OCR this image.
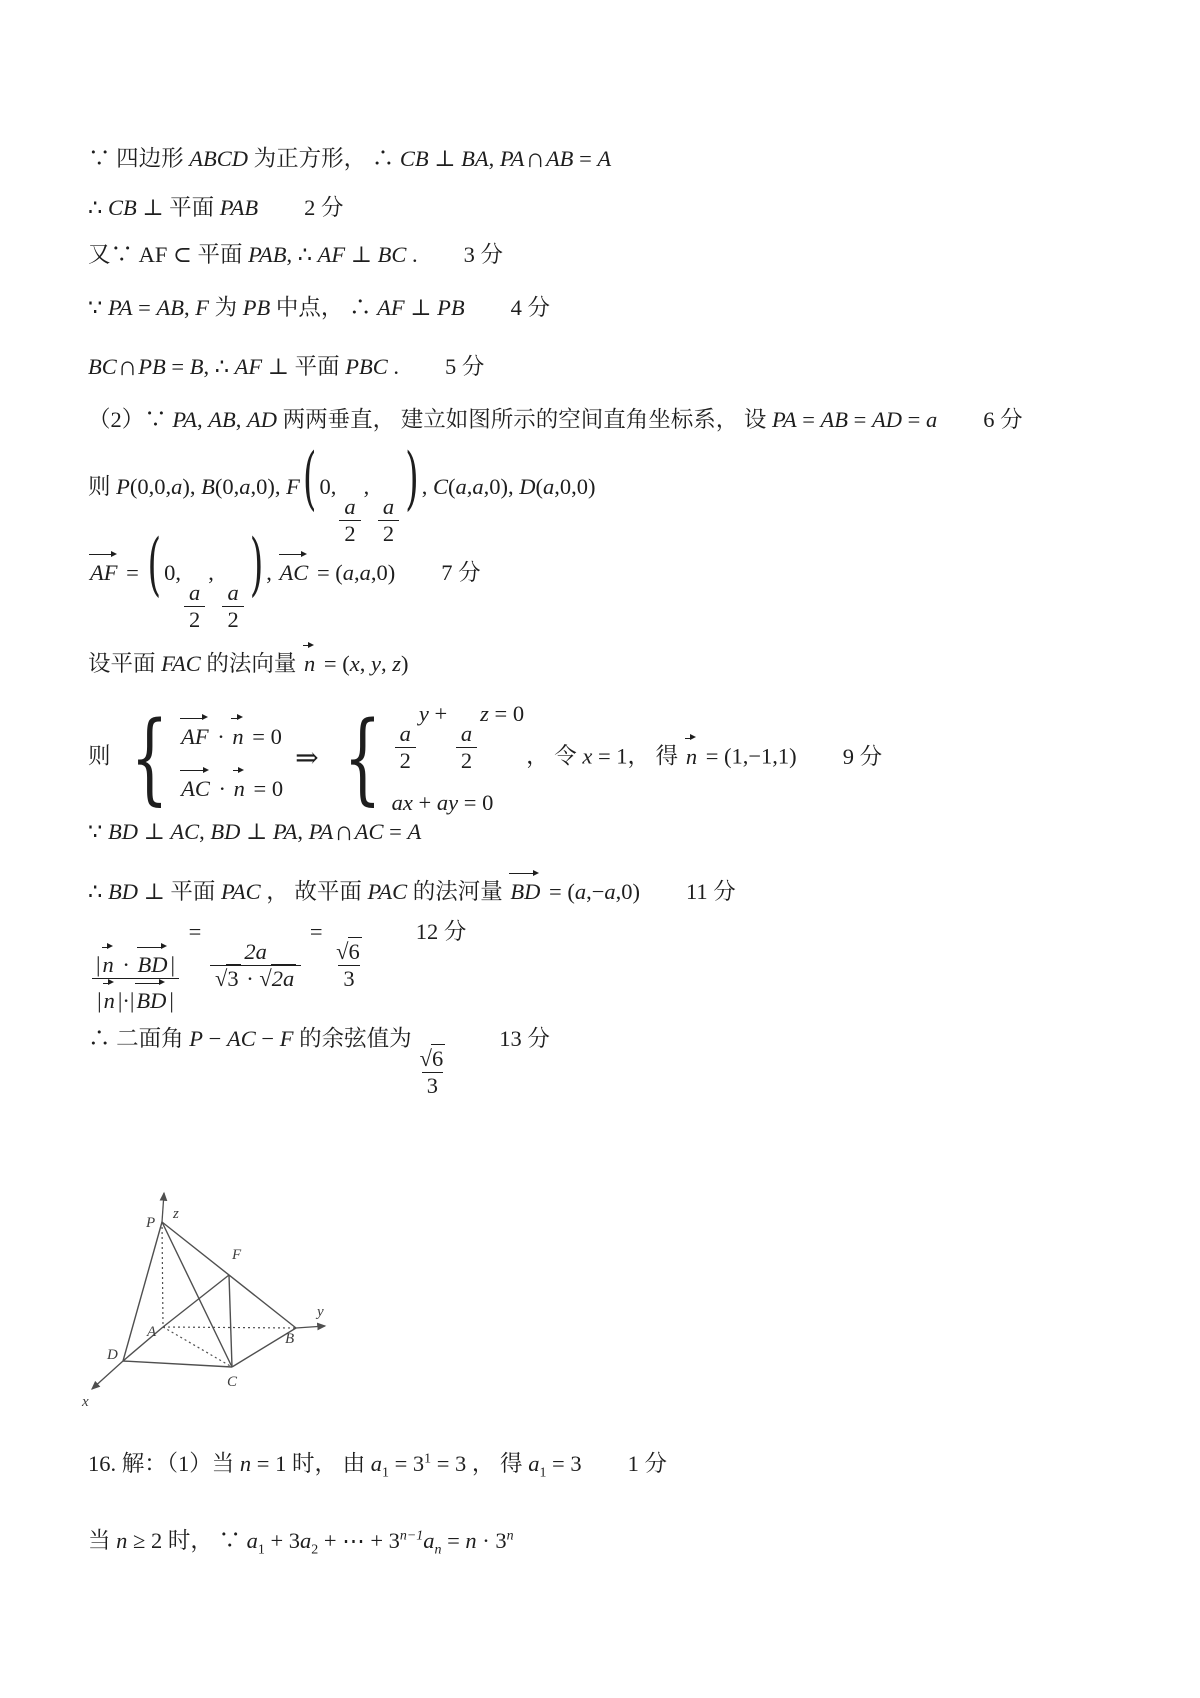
∵ 四边形 ABCD 为正方形， ∴ CB ⊥ BA, PA∩AB = A
∴ CB ⊥ 平面 PAB 2 分
又∵ AF ⊂ 平面 PAB, ∴ AF ⊥ BC . 3 分
∵ PA = AB, F 为 PB 中点， ∴ AF ⊥ PB 4 分
BC∩PB = B, ∴ AF ⊥ 平面 PBC . 5 分
（2）∵ PA, AB, AD 两两垂直， 建立如图所示的空间直角坐标系， 设 PA = AB = AD = a 6 分
则 P(0,0,a), B(0,a,0), F( 0,
$\frac{a}{2}$
,
$\frac{a}{2}$
) , C(a,a,0), D(a,0,0)
AF = ( 0,
$\frac{a}{2}$
,
$\frac{a}{2}$
) , AC = (a,a,0) 7 分
设平面 FAC 的法向量 n = (x, y, z)
则 { AF · n = 0
AC · n = 0
⇒ { $\frac{a}{2}$
y +
$\frac{a}{2}$
z = 0
ax + ay = 0
， 令 x = 1， 得 n = (1,−1,1) 9 分
∵ BD ⊥ AC, BD ⊥ PA, PA∩AC = A
∴ BD ⊥ 平面 PAC ， 故平面 PAC 的法河量 BD = (a,−a,0) 11 分
$\frac{|n \cdot BD |}{|n |\cdot|BD |}$
=
$\frac{2a}{√3 \cdot √2a}$
=
$\frac{√6}{3}$
12 分
∴ 二面角 P − AC − F 的余弦值为
$\frac{√6}{3}$
13 分
P
z
F
A	B
y
D
C
x
16. 解：（1）当 n = 1 时， 由 $a_1 = 3^1 = 3$ ， 得 $a_1 = 3$ 1 分
当 n ≥ 2 时， ∵ $a_1 + 3a_2$ + ⋯ + $3^{n-1}a_n = n \cdot 3^n$
